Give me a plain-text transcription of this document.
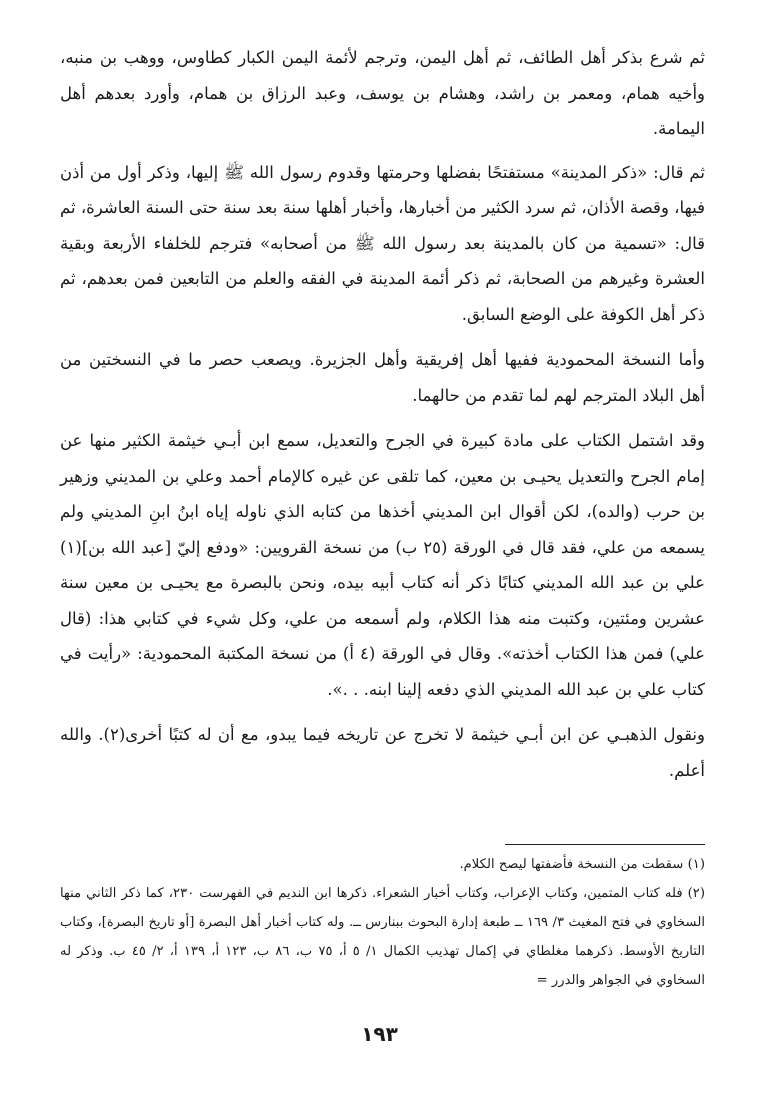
ثم شرع بذكر أهل الطائف، ثم أهل اليمن، وترجم لأئمة اليمن الكبار كطاوس، ووهب بن منبه، وأخيه همام، ومعمر بن راشد، وهشام بن يوسف، وعبد الرزاق بن همام، وأورد بعدهم أهل اليمامة.

ثم قال: «ذكر المدينة» مستفتحًا بفضلها وحرمتها وقدوم رسول الله ﷺ إليها، وذكر أول من أذن فيها، وقصة الأذان، ثم سرد الكثير من أخبارها، وأخبار أهلها سنة بعد سنة حتى السنة العاشرة، ثم قال: «تسمية من كان بالمدينة بعد رسول الله ﷺ من أصحابه» فترجم للخلفاء الأربعة وبقية العشرة وغيرهم من الصحابة، ثم ذكر أئمة المدينة في الفقه والعلم من التابعين فمن بعدهم، ثم ذكر أهل الكوفة على الوضع السابق.

وأما النسخة المحمودية ففيها أهل إفريقية وأهل الجزيرة. ويصعب حصر ما في النسختين من أهل البلاد المترجم لهم لما تقدم من حالهما.

وقد اشتمل الكتاب على مادة كبيرة في الجرح والتعديل، سمع ابن أبـي خيثمة الكثير منها عن إمام الجرح والتعديل يحيـى بن معين، كما تلقى عن غيره كالإمام أحمد وعلي بن المديني وزهير بن حرب (والده)، لكن أقوال ابن المديني أخذها من كتابه الذي ناوله إياه ابنُ ابنِ المديني ولم يسمعه من علي، فقد قال في الورقة (٢٥ ب) من نسخة القرويين: «ودفع إليّ [عبد الله بن](١) علي بن عبد الله المديني كتابًا ذكر أنه كتاب أبيه بيده، ونحن بالبصرة مع يحيـى بن معين سنة عشرين ومئتين، وكتبت منه هذا الكلام، ولم أسمعه من علي، وكل شيء في كتابي هذا: (قال علي) فمن هذا الكتاب أخذته». وقال في الورقة (٤ أ) من نسخة المكتبة المحمودية: «رأيت في كتاب علي بن عبد الله المديني الذي دفعه إلينا ابنه. . .».

ونقول الذهبـي عن ابن أبـي خيثمة لا تخرج عن تاريخه فيما يبدو، مع أن له كتبًا أخرى(٢). والله أعلم.

(١) سقطت من النسخة فأضفتها ليصح الكلام.

(٢) فله كتاب المتمين، وكتاب الإعراب، وكتاب أخبار الشعراء. ذكرها ابن النديم في الفهرست ٢٣٠، كما ذكر الثاني منها السخاوي في فتح المغيث ٣/ ١٦٩ ــ طبعة إدارة البحوث ببنارس ــ. وله كتاب أخبار أهل البصرة [أو تاريخ البصرة]، وكتاب التاريخ الأوسط. ذكرهما مغلطاي في إكمال تهذيب الكمال ١/ ٥ أ، ٧٥ ب، ٨٦ ب، ١٢٣ أ، ١٣٩ أ، ٢/ ٤٥ ب. وذكر له السخاوي في الجواهر والدرر =

١٩٣
